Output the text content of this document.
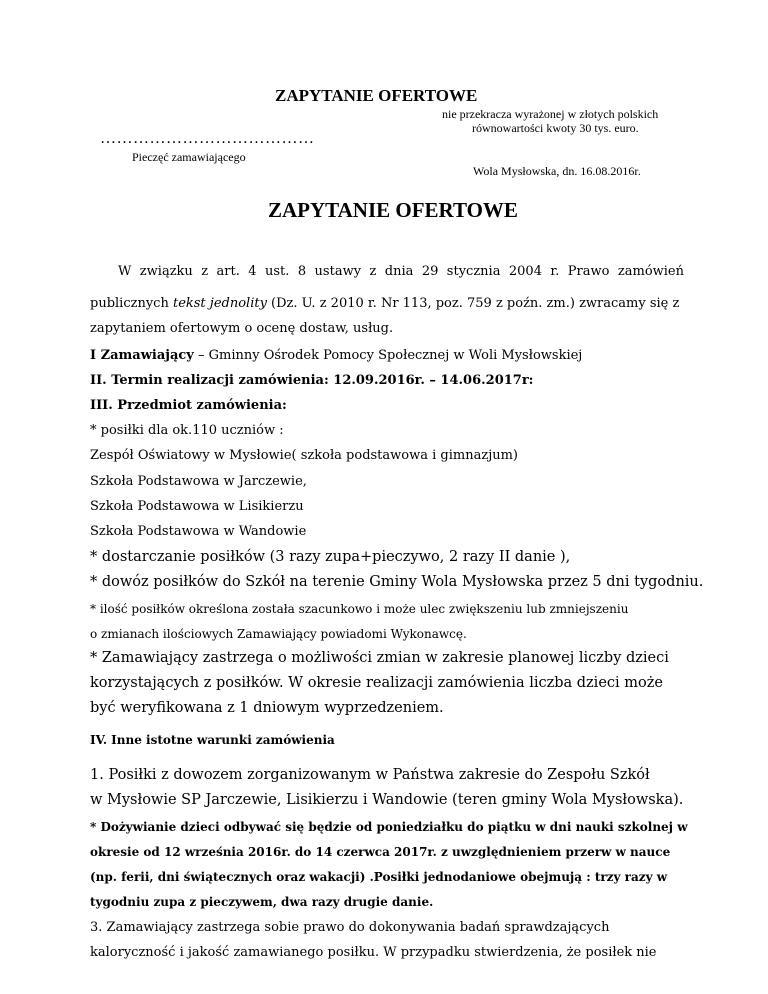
ZAPYTANIE OFERTOWE
nie przekracza wyrażonej w złotych polskich
równowartości kwoty 30 tys. euro.
…………………………………
Pieczęć zamawiającego
Wola Mysłowska, dn. 16.08.2016r.
ZAPYTANIE OFERTOWE
W związku z art. 4 ust. 8 ustawy z dnia 29 stycznia 2004 r. Prawo zamówień
publicznych tekst jednolity (Dz. U. z 2010 r. Nr 113, poz. 759 z poźn. zm.) zwracamy się z
zapytaniem ofertowym o ocenę dostaw, usług.
I Zamawiający – Gminny Ośrodek Pomocy Społecznej w Woli Mysłowskiej
II. Termin realizacji zamówienia: 12.09.2016r. – 14.06.2017r:
III. Przedmiot zamówienia:
* posiłki dla ok.110 uczniów :
Zespół Oświatowy w Mysłowie( szkoła podstawowa i gimnazjum)
Szkoła Podstawowa w Jarczewie,
Szkoła Podstawowa w Lisikierzu
Szkoła Podstawowa w Wandowie
* dostarczanie posiłków (3 razy zupa+pieczywo, 2 razy II danie ),
* dowóz posiłków do Szkół na terenie Gminy Wola Mysłowska przez 5 dni tygodniu.
* ilość posiłków określona została szacunkowo i może ulec zwiększeniu lub zmniejszeniu
o zmianach ilościowych Zamawiający powiadomi Wykonawcę.
* Zamawiający zastrzega o możliwości zmian w zakresie planowej liczby dzieci
korzystających z posiłków. W okresie realizacji zamówienia liczba dzieci może
być weryfikowana z 1 dniowym wyprzedzeniem.
IV. Inne istotne warunki zamówienia
1. Posiłki z dowozem zorganizowanym w Państwa zakresie do Zespołu Szkół
w Mysłowie SP Jarczewie, Lisikierzu i Wandowie (teren gminy Wola Mysłowska).
* Dożywianie dzieci odbywać się będzie od poniedziałku do piątku w dni nauki szkolnej w
okresie od 12 września 2016r. do 14 czerwca 2017r. z uwzględnieniem przerw w nauce
(np. ferii, dni świątecznych oraz wakacji) .Posiłki jednodaniowe obejmują : trzy razy w
tygodniu zupa z pieczywem, dwa razy drugie danie.
3. Zamawiający zastrzega sobie prawo do dokonywania badań sprawdzających
kaloryczność i jakość zamawianego posiłku. W przypadku stwierdzenia, że posiłek nie
